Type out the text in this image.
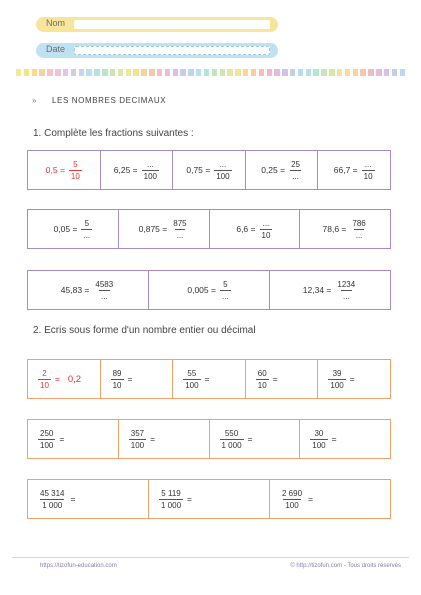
Nom
Date
» LES NOMBRES DECIMAUX
1. Complète les fractions suivantes :
$0,5 = \frac{5}{10}$	$6,25 = \frac{...}{100}$	$0,75 = \frac{...}{100}$	$0,25 = \frac{25}{...}$	$66,7 = \frac{...}{10}$
$0,05 = \frac{5}{...}$	$0,875 = \frac{875}{...}$	$6,6 = \frac{...}{10}$	$78,6 = \frac{786}{...}$
$45,83 = \frac{4583}{...}$	$0,005 = \frac{5}{...}$	$12,34 = \frac{1234}{...}$
2. Ecris sous forme d'un nombre entier ou décimal
$\frac{2}{10} = 0,2$	$\frac{89}{10}$ =	$\frac{55}{100}$ =	$\frac{60}{10}$ =	$\frac{39}{100}$ =
$\frac{250}{100}$ =	$\frac{357}{100}$ =	$\frac{550}{1 000}$ =	$\frac{30}{100}$ =
$\frac{45 314}{1 000}$ =	$\frac{5 119}{1 000}$ =	$\frac{2 690}{100}$ =
https://tizofun-education.com	© http://tizofun.com - Tous droits réservés
